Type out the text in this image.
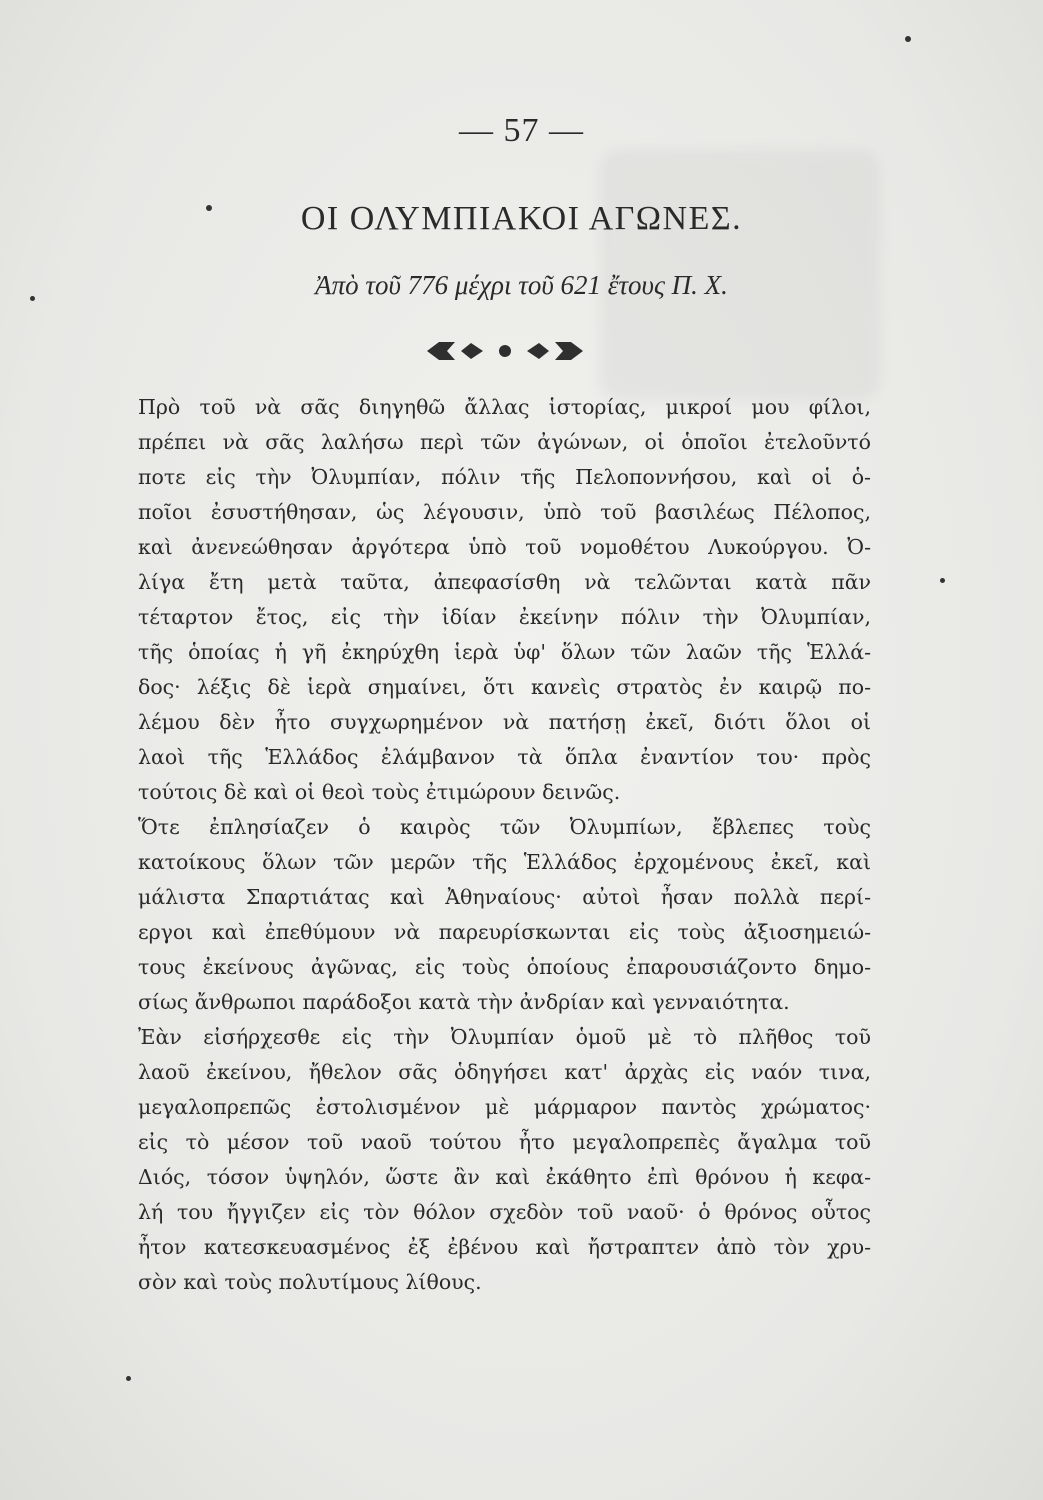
— 57 —
ΟΙ ΟΛΥΜΠΙΑΚΟΙ ΑΓΩΝΕΣ.
Ἀπὸ τοῦ 776 μέχρι τοῦ 621 ἔτους Π. Χ.
Πρὸ τοῦ νὰ σᾶς διηγηθῶ ἄλλας ἱστορίας, μικροί μου φίλοι,
πρέπει νὰ σᾶς λαλήσω περὶ τῶν ἀγώνων, οἱ ὁποῖοι ἐτελοῦντό
ποτε εἰς τὴν Ὀλυμπίαν, πόλιν τῆς Πελοποννήσου, καὶ οἱ ὁ-
ποῖοι ἐσυστήθησαν, ὡς λέγουσιν, ὑπὸ τοῦ βασιλέως Πέλοπος,
καὶ ἀνενεώθησαν ἀργότερα ὑπὸ τοῦ νομοθέτου Λυκούργου. Ὀ-
λίγα ἔτη μετὰ ταῦτα, ἀπεφασίσθη νὰ τελῶνται κατὰ πᾶν
τέταρτον ἔτος, εἰς τὴν ἰδίαν ἐκείνην πόλιν τὴν Ὀλυμπίαν,
τῆς ὁποίας ἡ γῆ ἐκηρύχθη ἱερὰ ὑφ' ὅλων τῶν λαῶν τῆς Ἑλλά-
δος· λέξις δὲ ἱερὰ σημαίνει, ὅτι κανεὶς στρατὸς ἐν καιρῷ πο-
λέμου δὲν ἦτο συγχωρημένον νὰ πατήσῃ ἐκεῖ, διότι ὅλοι οἱ
λαοὶ τῆς Ἑλλάδος ἐλάμβανον τὰ ὅπλα ἐναντίον του· πρὸς
τούτοις δὲ καὶ οἱ θεοὶ τοὺς ἐτιμώρουν δεινῶς.
Ὅτε ἐπλησίαζεν ὁ καιρὸς τῶν Ὀλυμπίων, ἔβλεπες τοὺς
κατοίκους ὅλων τῶν μερῶν τῆς Ἑλλάδος ἐρχομένους ἐκεῖ, καὶ
μάλιστα Σπαρτιάτας καὶ Ἀθηναίους· αὐτοὶ ἦσαν πολλὰ περί-
εργοι καὶ ἐπεθύμουν νὰ παρευρίσκωνται εἰς τοὺς ἀξιοσημειώ-
τους ἐκείνους ἀγῶνας, εἰς τοὺς ὁποίους ἐπαρουσιάζοντο δημο-
σίως ἄνθρωποι παράδοξοι κατὰ τὴν ἀνδρίαν καὶ γενναιότητα.
Ἐὰν εἰσήρχεσθε εἰς τὴν Ὀλυμπίαν ὁμοῦ μὲ τὸ πλῆθος τοῦ
λαοῦ ἐκείνου, ἤθελον σᾶς ὁδηγήσει κατ' ἀρχὰς εἰς ναόν τινα,
μεγαλοπρεπῶς ἐστολισμένον μὲ μάρμαρον παντὸς χρώματος·
εἰς τὸ μέσον τοῦ ναοῦ τούτου ἦτο μεγαλοπρεπὲς ἄγαλμα τοῦ
Διός, τόσον ὑψηλόν, ὥστε ἂν καὶ ἐκάθητο ἐπὶ θρόνου ἡ κεφα-
λή του ἤγγιζεν εἰς τὸν θόλον σχεδὸν τοῦ ναοῦ· ὁ θρόνος οὗτος
ἦτον κατεσκευασμένος ἐξ ἐβένου καὶ ἤστραπτεν ἀπὸ τὸν χρυ-
σὸν καὶ τοὺς πολυτίμους λίθους.
